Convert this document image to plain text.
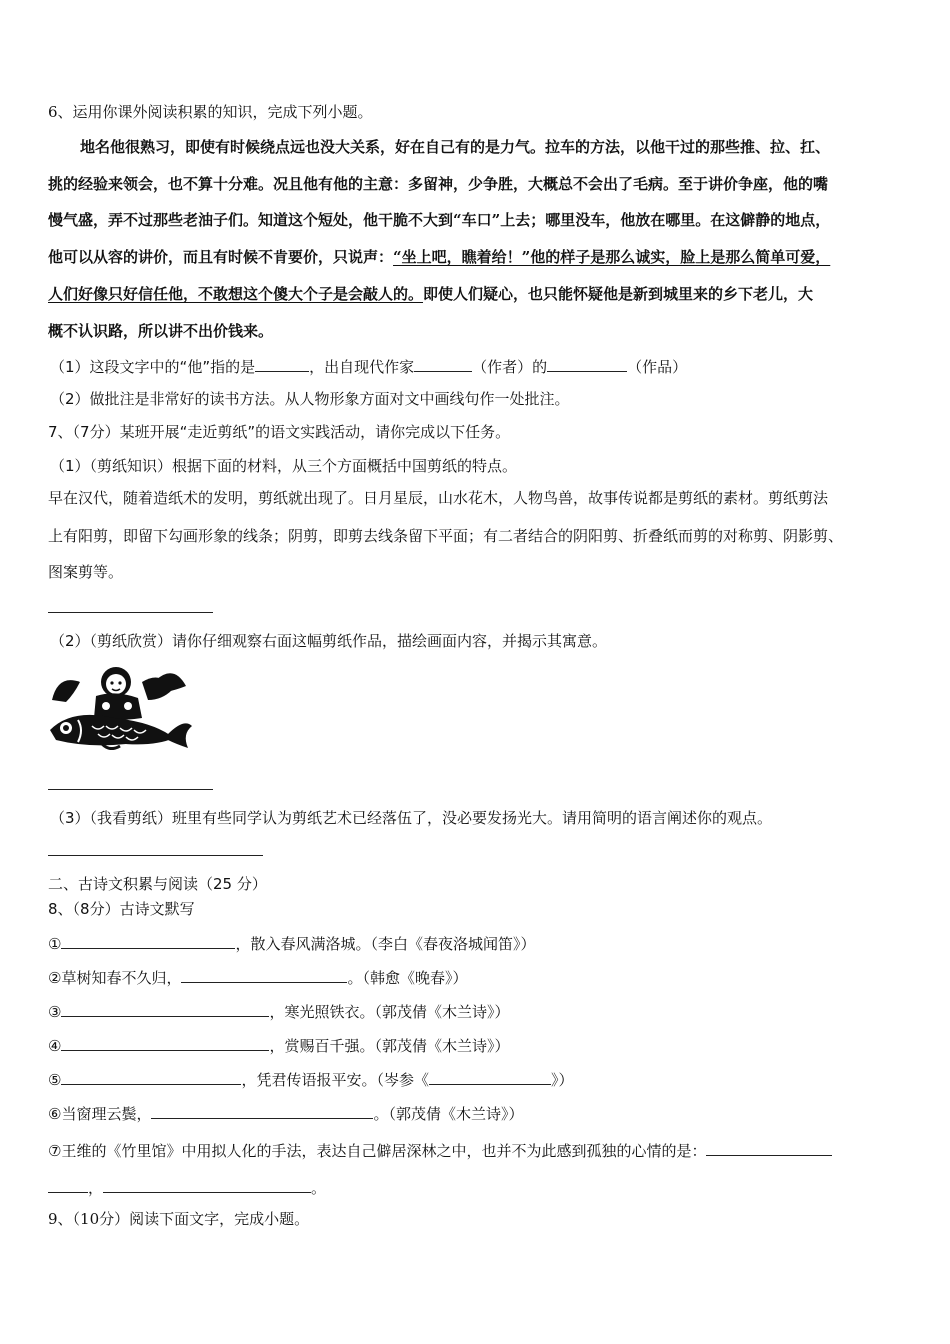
6、运用你课外阅读积累的知识，完成下列小题。
地名他很熟习，即使有时候绕点远也没大关系，好在自己有的是力气。拉车的方法，以他干过的那些推、拉、扛、
挑的经验来领会，也不算十分难。况且他有他的主意：多留神，少争胜，大概总不会出了毛病。至于讲价争座，他的嘴
慢气盛，弄不过那些老油子们。知道这个短处，他干脆不大到“车口”上去；哪里没车，他放在哪里。在这僻静的地点，
他可以从容的讲价，而且有时候不肯要价，只说声：“坐上吧，瞧着给！”他的样子是那么诚实，脸上是那么简单可爱，
人们好像只好信任他，不敢想这个傻大个子是会敲人的。即使人们疑心，也只能怀疑他是新到城里来的乡下老儿，大
概不认识路，所以讲不出价钱来。
（1）这段文字中的“他”指的是	，出自现代作家	（作者）的	（作品）
（2）做批注是非常好的读书方法。从人物形象方面对文中画线句作一处批注。
7、（7分）某班开展“走近剪纸”的语文实践活动，请你完成以下任务。
（1）（剪纸知识）根据下面的材料，从三个方面概括中国剪纸的特点。
早在汉代，随着造纸术的发明，剪纸就出现了。日月星辰，山水花木，人物鸟兽，故事传说都是剪纸的素材。剪纸剪法
上有阳剪，即留下勾画形象的线条；阴剪，即剪去线条留下平面；有二者结合的阴阳剪、折叠纸而剪的对称剪、阴影剪、
图案剪等。
（2）（剪纸欣赏）请你仔细观察右面这幅剪纸作品，描绘画面内容，并揭示其寓意。
（3）（我看剪纸）班里有些同学认为剪纸艺术已经落伍了，没必要发扬光大。请用简明的语言阐述你的观点。
二、古诗文积累与阅读（25 分）
8、（8分）古诗文默写
①	，散入春风满洛城。（李白《春夜洛城闻笛》）
②草树知春不久归，	。（韩愈《晚春》）
③	，寒光照铁衣。（郭茂倩《木兰诗》）
④	，赏赐百千强。（郭茂倩《木兰诗》）
⑤	，凭君传语报平安。（岑参《	》）
⑥当窗理云鬓，	。（郭茂倩《木兰诗》）
⑦王维的《竹里馆》中用拟人化的手法，表达自己僻居深林之中，也并不为此感到孤独的心情的是：
，	。
9、（10分）阅读下面文字，完成小题。
